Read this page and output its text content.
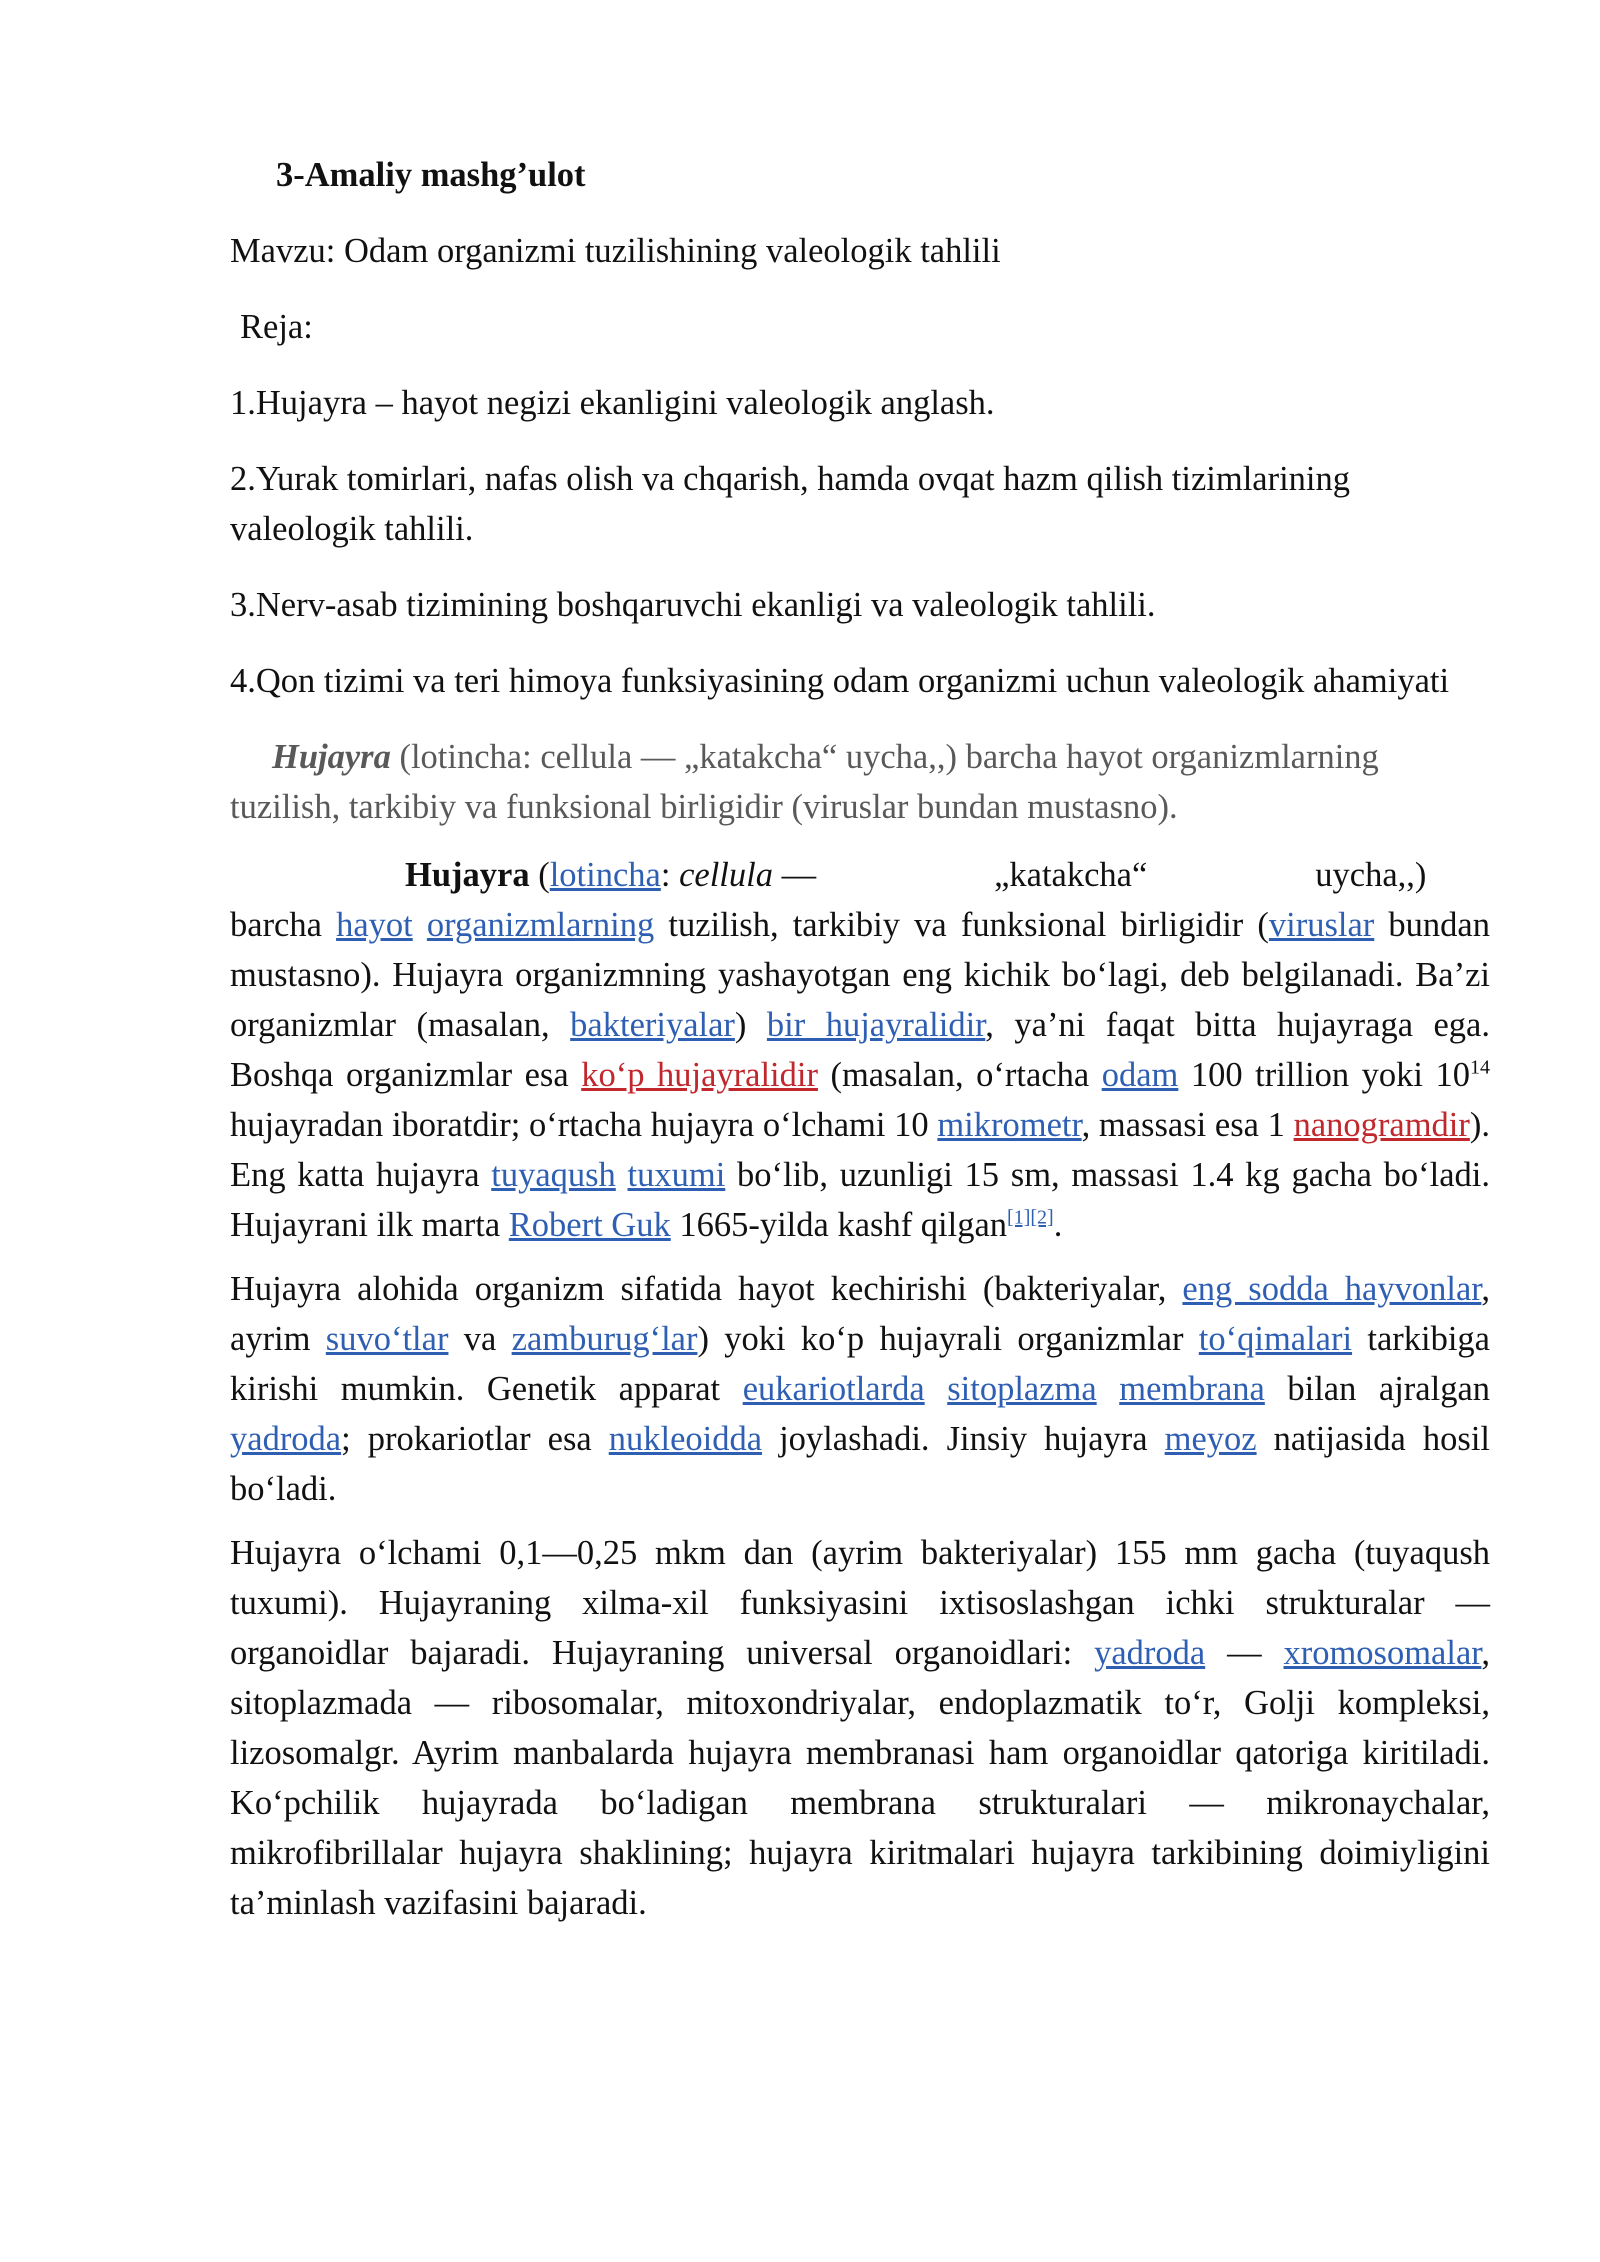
3-Amaliy mashg’ulot

Mavzu: Odam organizmi tuzilishining valeologik tahlili

Reja:

1.Hujayra – hayot negizi ekanligini valeologik anglash.

2.Yurak tomirlari, nafas olish va chqarish, hamda ovqat hazm qilish tizimlarining valeologik tahlili.

3.Nerv-asab tizimining boshqaruvchi ekanligi va valeologik tahlili.

4.Qon tizimi va teri himoya funksiyasining odam organizmi uchun valeologik ahamiyati

Hujayra (lotincha: cellula — „katakcha“ uycha,,) barcha hayot organizmlarning tuzilish, tarkibiy va funksional birligidir (viruslar bundan mustasno).

Hujayra (lotincha: cellula —	„katakcha“	uycha,,)
barcha hayot organizmlarning tuzilish, tarkibiy va funksional birligidir (viruslar bundan mustasno). Hujayra organizmning yashayotgan eng kichik bo‘lagi, deb belgilanadi. Ba’zi organizmlar (masalan, bakteriyalar) bir hujayralidir, ya’ni faqat bitta hujayraga ega. Boshqa organizmlar esa ko‘p hujayralidir (masalan, o‘rtacha odam 100 trillion yoki $10^{14}$ hujayradan iboratdir; o‘rtacha hujayra o‘lchami 10 mikrometr, massasi esa 1 nanogramdir). Eng katta hujayra tuyaqush tuxumi bo‘lib, uzunligi 15 sm, massasi 1.4 kg gacha bo‘ladi. Hujayrani ilk marta Robert Guk 1665-yilda kashf qilgan[1][2].

Hujayra alohida organizm sifatida hayot kechirishi (bakteriyalar, eng sodda hayvonlar, ayrim suvo‘tlar va zamburug‘lar) yoki ko‘p hujayrali organizmlar to‘qimalari tarkibiga kirishi mumkin. Genetik apparat eukariotlarda sitoplazma membrana bilan ajralgan yadroda; prokariotlar esa nukleoidda joylashadi. Jinsiy hujayra meyoz natijasida hosil bo‘ladi.

Hujayra o‘lchami 0,1—0,25 mkm dan (ayrim bakteriyalar) 155 mm gacha (tuyaqush tuxumi). Hujayraning xilma-xil funksiyasini ixtisoslashgan ichki strukturalar — organoidlar bajaradi. Hujayraning universal organoidlari: yadroda — xromosomalar, sitoplazmada — ribosomalar, mitoxondriyalar, endoplazmatik to‘r, Golji kompleksi, lizosomalgr. Ayrim manbalarda hujayra membranasi ham organoidlar qatoriga kiritiladi. Ko‘pchilik hujayrada bo‘ladigan membrana strukturalari — mikronaychalar, mikrofibrillalar hujayra shaklining; hujayra kiritmalari hujayra tarkibining doimiyligini ta’minlash vazifasini bajaradi.
